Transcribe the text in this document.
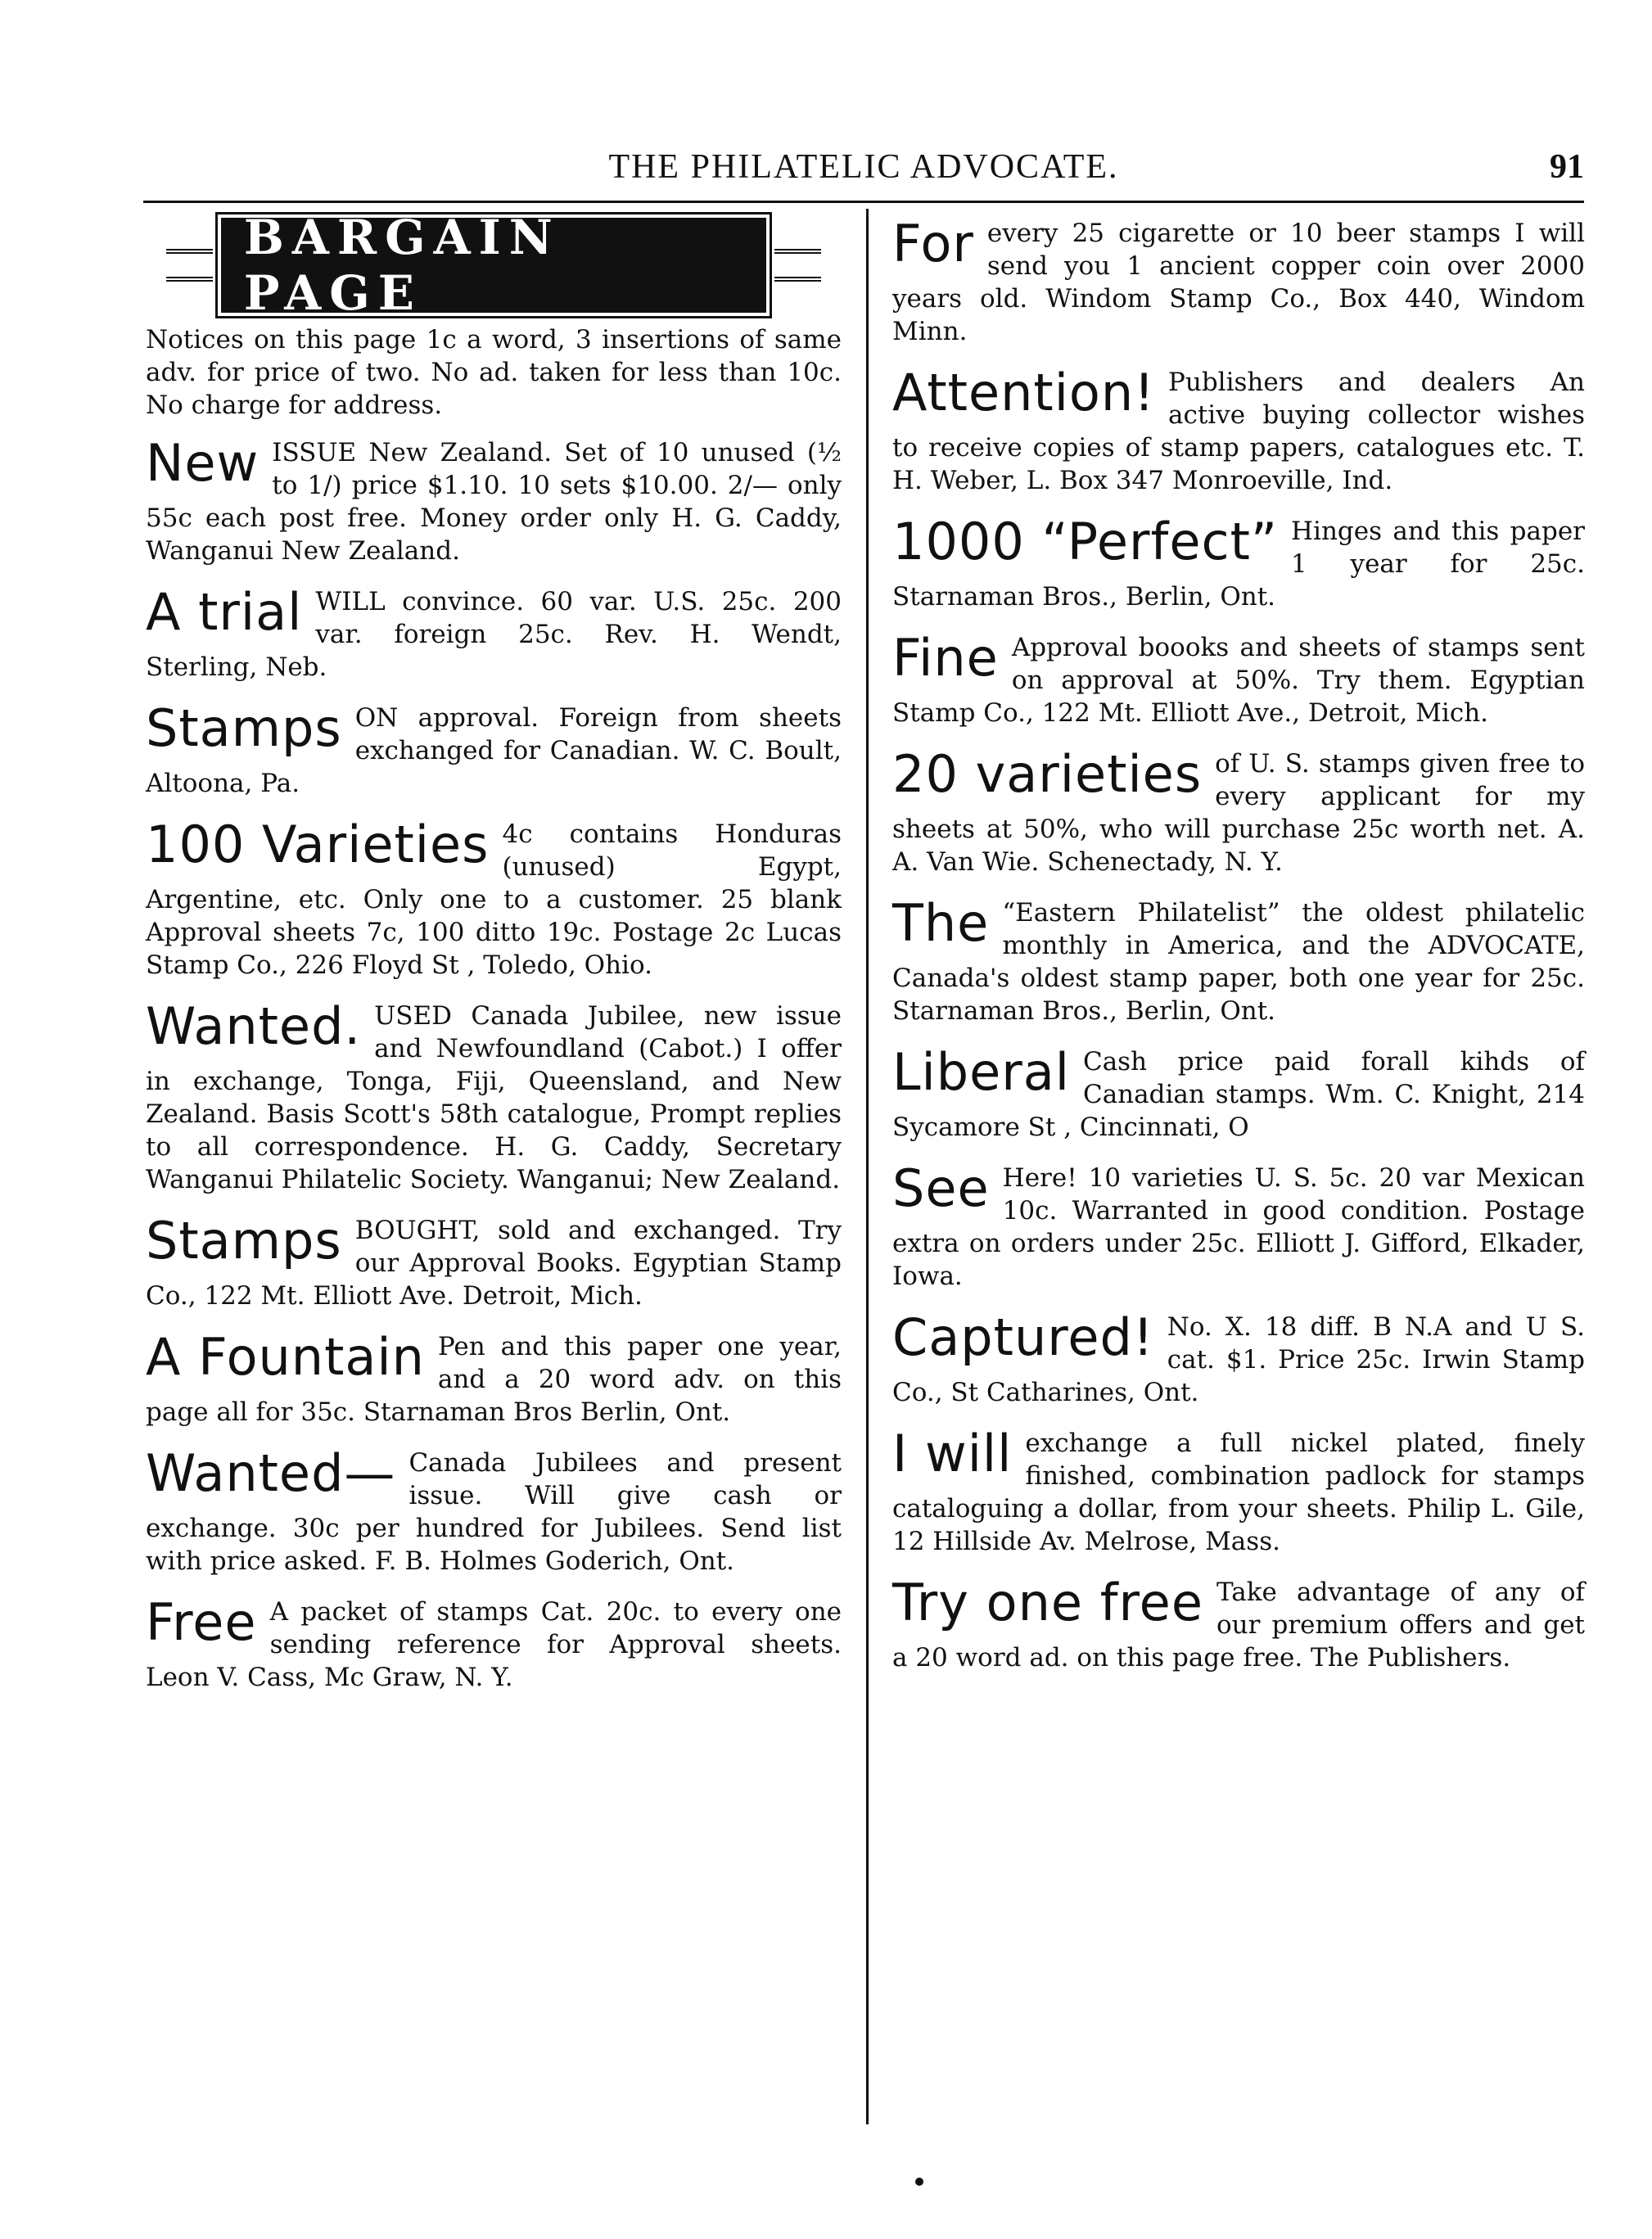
THE PHILATELIC ADVOCATE.	91
BARGAIN PAGE

Notices on this page 1c a word, 3 insertions of same adv. for price of two. No ad. taken for less than 10c. No charge for address.

New ISSUE New Zealand. Set of 10 unused (½ to 1/) price $1.10. 10 sets $10.00. 2/— only 55c each post free. Money order only H. G. Caddy, Wanganui New Zealand.
A trial WILL convince. 60 var. U.S. 25c. 200 var. foreign 25c. Rev. H. Wendt, Sterling, Neb.
Stamps ON approval. Foreign from sheets exchanged for Canadian. W. C. Boult, Altoona, Pa.
100 Varieties 4c contains Honduras (unused) Egypt, Argentine, etc. Only one to a customer. 25 blank Approval sheets 7c, 100 ditto 19c. Postage 2c Lucas Stamp Co., 226 Floyd St , Toledo, Ohio.
Wanted. USED Canada Jubilee, new issue and Newfoundland (Cabot.) I offer in exchange, Tonga, Fiji, Queensland, and New Zealand. Basis Scott's 58th catalogue, Prompt replies to all correspondence. H. G. Caddy, Secretary Wanganui Philatelic Society. Wanganui; New Zealand.
Stamps BOUGHT, sold and exchanged. Try our Approval Books. Egyptian Stamp Co., 122 Mt. Elliott Ave. Detroit, Mich.
A Fountain Pen and this paper one year, and a 20 word adv. on this page all for 35c. Starnaman Bros Berlin, Ont.
Wanted— Canada Jubilees and present issue. Will give cash or exchange. 30c per hundred for Jubilees. Send list with price asked. F. B. Holmes Goderich, Ont.
Free A packet of stamps Cat. 20c. to every one sending reference for Approval sheets. Leon V. Cass, Mc Graw, N. Y.
For every 25 cigarette or 10 beer stamps I will send you 1 ancient copper coin over 2000 years old. Windom Stamp Co., Box 440, Windom Minn.
Attention! Publishers and dealers An active buying collector wishes to receive copies of stamp papers, catalogues etc. T. H. Weber, L. Box 347 Monroeville, Ind.
1000 “Perfect” Hinges and this paper 1 year for 25c. Starnaman Bros., Berlin, Ont.
Fine Approval boooks and sheets of stamps sent on approval at 50%. Try them. Egyptian Stamp Co., 122 Mt. Elliott Ave., Detroit, Mich.
20 varieties of U. S. stamps given free to every applicant for my sheets at 50%, who will purchase 25c worth net. A. A. Van Wie. Schenectady, N. Y.
The “Eastern Philatelist” the oldest philatelic monthly in America, and the ADVOCATE, Canada's oldest stamp paper, both one year for 25c. Starnaman Bros., Berlin, Ont.
Liberal Cash price paid forall kihds of Canadian stamps. Wm. C. Knight, 214 Sycamore St , Cincinnati, O
See Here! 10 varieties U. S. 5c. 20 var Mexican 10c. Warranted in good condition. Postage extra on orders under 25c. Elliott J. Gifford, Elkader, Iowa.
Captured! No. X. 18 diff. B N.A and U S. cat. $1. Price 25c. Irwin Stamp Co., St Catharines, Ont.
I will exchange a full nickel plated, finely finished, combination padlock for stamps cataloguing a dollar, from your sheets. Philip L. Gile, 12 Hillside Av. Melrose, Mass.
Try one free Take advantage of any of our premium offers and get a 20 word ad. on this page free. The Publishers.
